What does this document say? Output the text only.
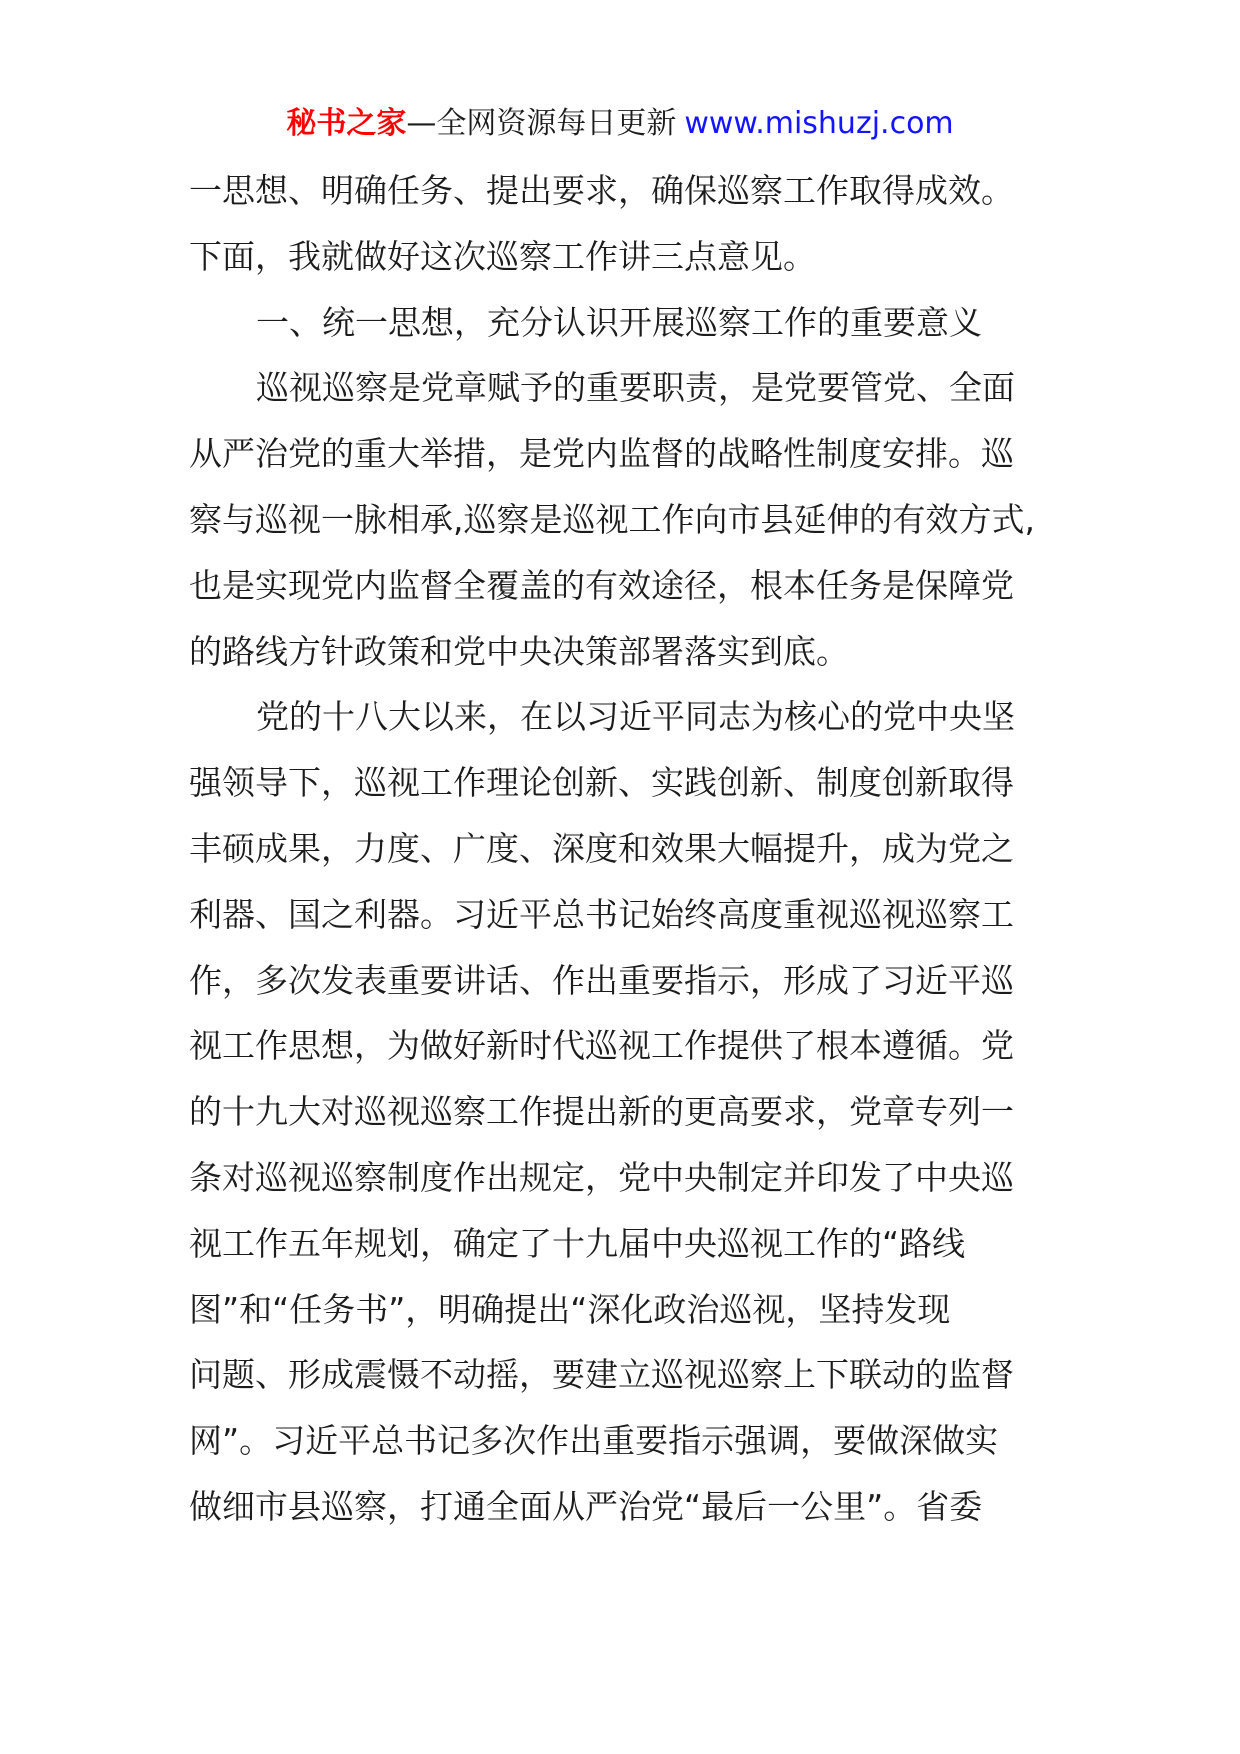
秘书之家—全网资源每日更新 www.mishuzj.com
一思想、明确任务、提出要求，确保巡察工作取得成效。
下面，我就做好这次巡察工作讲三点意见。
一、统一思想，充分认识开展巡察工作的重要意义
巡视巡察是党章赋予的重要职责，是党要管党、全面
从严治党的重大举措，是党内监督的战略性制度安排。巡
察与巡视一脉相承,巡察是巡视工作向市县延伸的有效方式,
也是实现党内监督全覆盖的有效途径，根本任务是保障党
的路线方针政策和党中央决策部署落实到底。
党的十八大以来，在以习近平同志为核心的党中央坚
强领导下，巡视工作理论创新、实践创新、制度创新取得
丰硕成果，力度、广度、深度和效果大幅提升，成为党之
利器、国之利器。习近平总书记始终高度重视巡视巡察工
作，多次发表重要讲话、作出重要指示，形成了习近平巡
视工作思想，为做好新时代巡视工作提供了根本遵循。党
的十九大对巡视巡察工作提出新的更高要求，党章专列一
条对巡视巡察制度作出规定，党中央制定并印发了中央巡
视工作五年规划，确定了十九届中央巡视工作的“路线
图”和“任务书”，明确提出“深化政治巡视，坚持发现
问题、形成震慑不动摇，要建立巡视巡察上下联动的监督
网”。习近平总书记多次作出重要指示强调，要做深做实
做细市县巡察，打通全面从严治党“最后一公里”。省委
